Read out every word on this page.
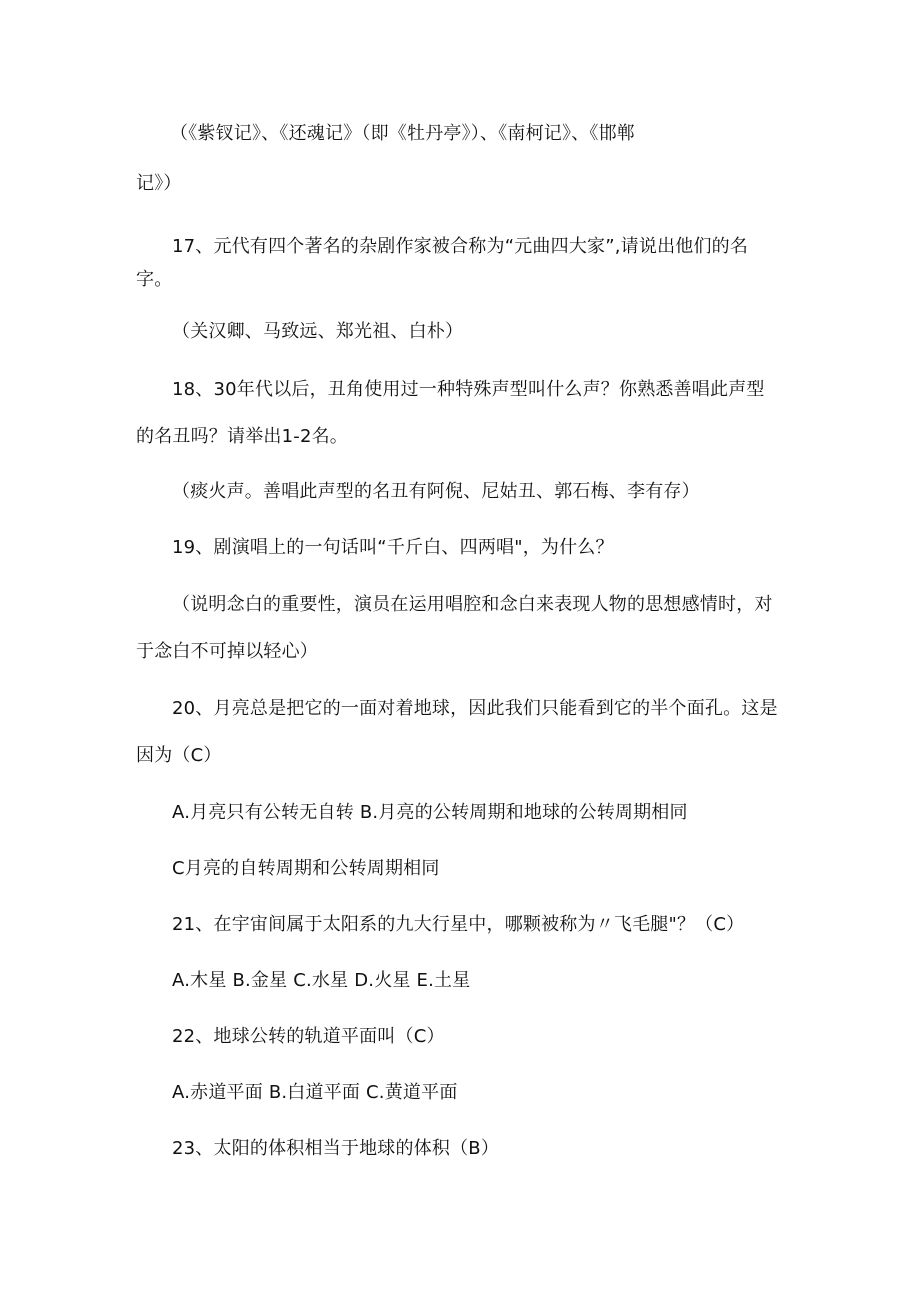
（《紫钗记》、《还魂记》（即《牡丹亭》）、《南柯记》、《邯郸
记》）
17、元代有四个著名的杂剧作家被合称为“元曲四大家”,请说出他们的名
字。
（关汉卿、马致远、郑光祖、白朴）
18、30年代以后，丑角使用过一种特殊声型叫什么声？你熟悉善唱此声型
的名丑吗？请举出1-2名。
（痰火声。善唱此声型的名丑有阿倪、尼姑丑、郭石梅、李有存）
19、剧演唱上的一句话叫“千斤白、四两唱"，为什么？
（说明念白的重要性，演员在运用唱腔和念白来表现人物的思想感情时，对
于念白不可掉以轻心）
20、月亮总是把它的一面对着地球，因此我们只能看到它的半个面孔。这是
因为（C）
A.月亮只有公转无自转 B.月亮的公转周期和地球的公转周期相同
C月亮的自转周期和公转周期相同
21、在宇宙间属于太阳系的九大行星中，哪颗被称为〃飞毛腿"？（C）
A.木星 B.金星 C.水星 D.火星 E.土星
22、地球公转的轨道平面叫（C）
A.赤道平面 B.白道平面 C.黄道平面
23、太阳的体积相当于地球的体积（B）
